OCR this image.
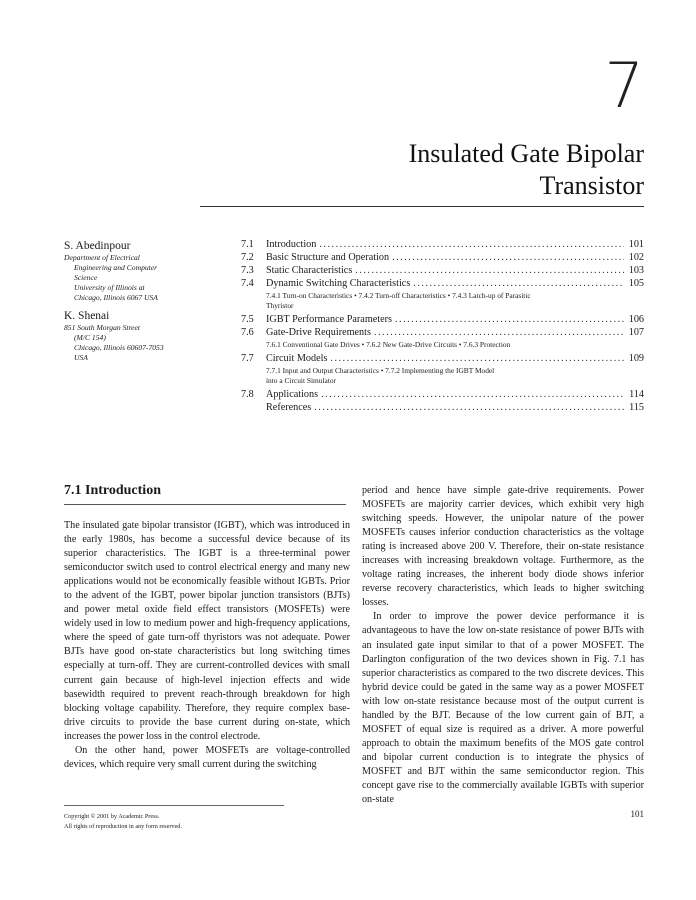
7
Insulated Gate Bipolar
Transistor
S. Abedinpour
Department of Electrical
Engineering and Computer
Science
University of Illinois at
Chicago, Illinois 6067 USA
K. Shenai
851 South Morgan Street
(M/C 154)
Chicago, Illinois 60607-7053
USA
7.1	Introduction .....	101
7.2	Basic Structure and Operation .....	102
7.3	Static Characteristics .....	103
7.4	Dynamic Switching Characteristics .....	105
7.4.1 Turn-on Characteristics • 7.4.2 Turn-off Characteristics • 7.4.3 Latch-up of Parasitic
Thyristor
7.5	IGBT Performance Parameters .....	106
7.6	Gate-Drive Requirements .....	107
7.6.1 Conventional Gate Drives • 7.6.2 New Gate-Drive Circuits • 7.6.3 Protection
7.7	Circuit Models .....	109
7.7.1 Input and Output Characteristics • 7.7.2 Implementing the IGBT Model
into a Circuit Simulator
7.8	Applications .....	114
References .....	115
7.1 Introduction

The insulated gate bipolar transistor (IGBT), which was introduced in the early 1980s, has become a successful device because of its superior characteristics. The IGBT is a three-terminal power semiconductor switch used to control electrical energy and many new applications would not be economically feasible without IGBTs. Prior to the advent of the IGBT, power bipolar junction transistors (BJTs) and power metal oxide field effect transistors (MOSFETs) were widely used in low to medium power and high-frequency applications, where the speed of gate turn-off thyristors was not adequate. Power BJTs have good on-state characteristics but long switching times especially at turn-off. They are current-controlled devices with small current gain because of high-level injection effects and wide basewidth required to prevent reach-through breakdown for high blocking voltage capability. Therefore, they require complex base-drive circuits to provide the base current during on-state, which increases the power loss in the control electrode.

On the other hand, power MOSFETs are voltage-controlled devices, which require very small current during the switching

period and hence have simple gate-drive requirements. Power MOSFETs are majority carrier devices, which exhibit very high switching speeds. However, the unipolar nature of the power MOSFETs causes inferior conduction characteristics as the voltage rating is increased above 200 V. Therefore, their on-state resistance increases with increasing breakdown voltage. Furthermore, as the voltage rating increases, the inherent body diode shows inferior reverse recovery characteristics, which leads to higher switching losses.

In order to improve the power device performance it is advantageous to have the low on-state resistance of power BJTs with an insulated gate input similar to that of a power MOSFET. The Darlington configuration of the two devices shown in Fig. 7.1 has superior characteristics as compared to the two discrete devices. This hybrid device could be gated in the same way as a power MOSFET with low on-state resistance because most of the output current is handled by the BJT. Because of the low current gain of BJT, a MOSFET of equal size is required as a driver. A more powerful approach to obtain the maximum benefits of the MOS gate control and bipolar current conduction is to integrate the physics of MOSFET and BJT within the same semiconductor region. This concept gave rise to the commercially available IGBTs with superior on-state

Copyright © 2001 by Academic Press.
All rights of reproduction in any form reserved.
101
